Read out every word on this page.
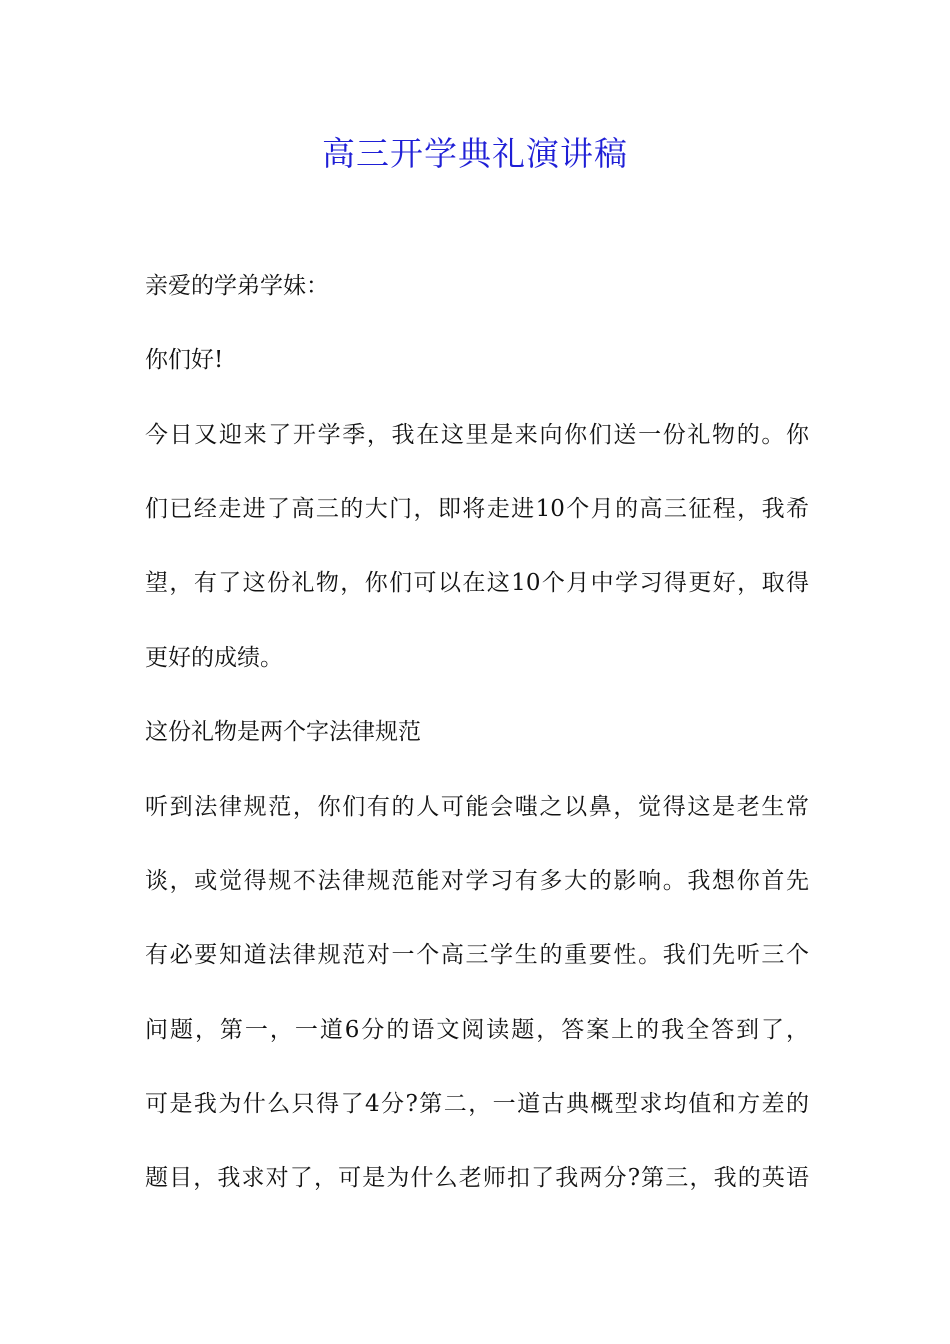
高三开学典礼演讲稿

亲爱的学弟学妹：

你们好!

今日又迎来了开学季，我在这里是来向你们送一份礼物的。你

们已经走进了高三的大门，即将走进10个月的高三征程，我希

望，有了这份礼物，你们可以在这10个月中学习得更好，取得

更好的成绩。

这份礼物是两个字法律规范

听到法律规范，你们有的人可能会嗤之以鼻，觉得这是老生常

谈，或觉得规不法律规范能对学习有多大的影响。我想你首先

有必要知道法律规范对一个高三学生的重要性。我们先听三个

问题，第一，一道6分的语文阅读题，答案上的我全答到了，

可是我为什么只得了4分?第二，一道古典概型求均值和方差的

题目，我求对了，可是为什么老师扣了我两分?第三，我的英语
